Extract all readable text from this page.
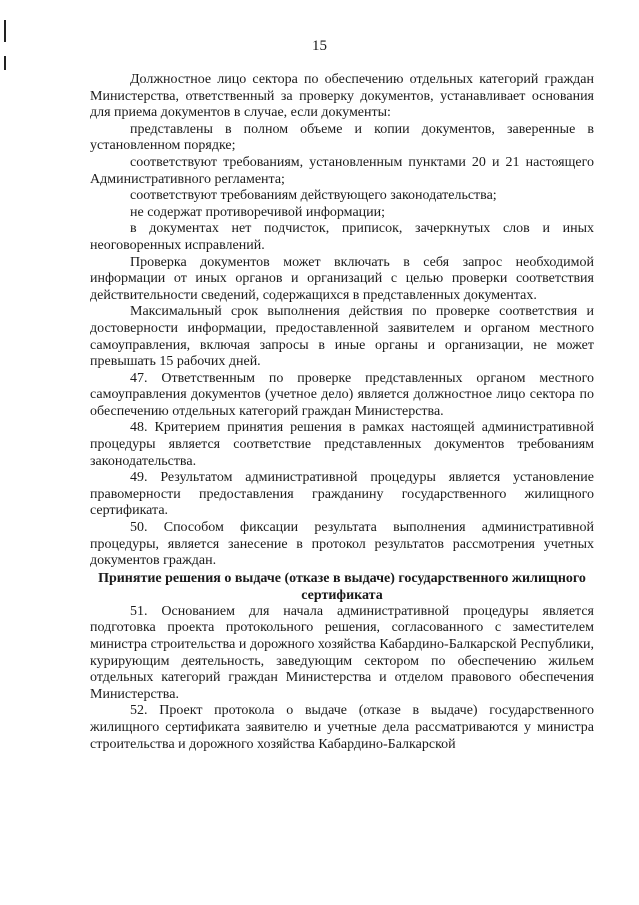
15

Должностное лицо сектора по обеспечению отдельных категорий граждан Министерства, ответственный за проверку документов, устанавливает основания для приема документов в случае, если документы:

представлены в полном объеме и копии документов, заверенные в установленном порядке;

соответствуют требованиям, установленным пунктами 20 и 21 настоящего Административного регламента;

соответствуют требованиям действующего законодательства;

не содержат противоречивой информации;

в документах нет подчисток, приписок, зачеркнутых слов и иных неоговоренных исправлений.

Проверка документов может включать в себя запрос необходимой информации от иных органов и организаций с целью проверки соответствия действительности сведений, содержащихся в представленных документах.

Максимальный срок выполнения действия по проверке соответствия и достоверности информации, предоставленной заявителем и органом местного самоуправления, включая запросы в иные органы и организации, не может превышать 15 рабочих дней.

47. Ответственным по проверке представленных органом местного самоуправления документов (учетное дело) является должностное лицо сектора по обеспечению отдельных категорий граждан Министерства.

48. Критерием принятия решения в рамках настоящей административной процедуры является соответствие представленных документов требованиям законодательства.

49. Результатом административной процедуры является установление правомерности предоставления гражданину государственного жилищного сертификата.

50. Способом фиксации результата выполнения административной процедуры, является занесение в протокол результатов рассмотрения учетных документов граждан.

Принятие решения о выдаче (отказе в выдаче) государственного жилищного сертификата

51. Основанием для начала административной процедуры является подготовка проекта протокольного решения, согласованного с заместителем министра строительства и дорожного хозяйства Кабардино-Балкарской Республики, курирующим деятельность, заведующим сектором по обеспечению жильем отдельных категорий граждан Министерства и отделом правового обеспечения Министерства.

52. Проект протокола о выдаче (отказе в выдаче) государственного жилищного сертификата заявителю и учетные дела рассматриваются у министра строительства и дорожного хозяйства Кабардино-Балкарской
